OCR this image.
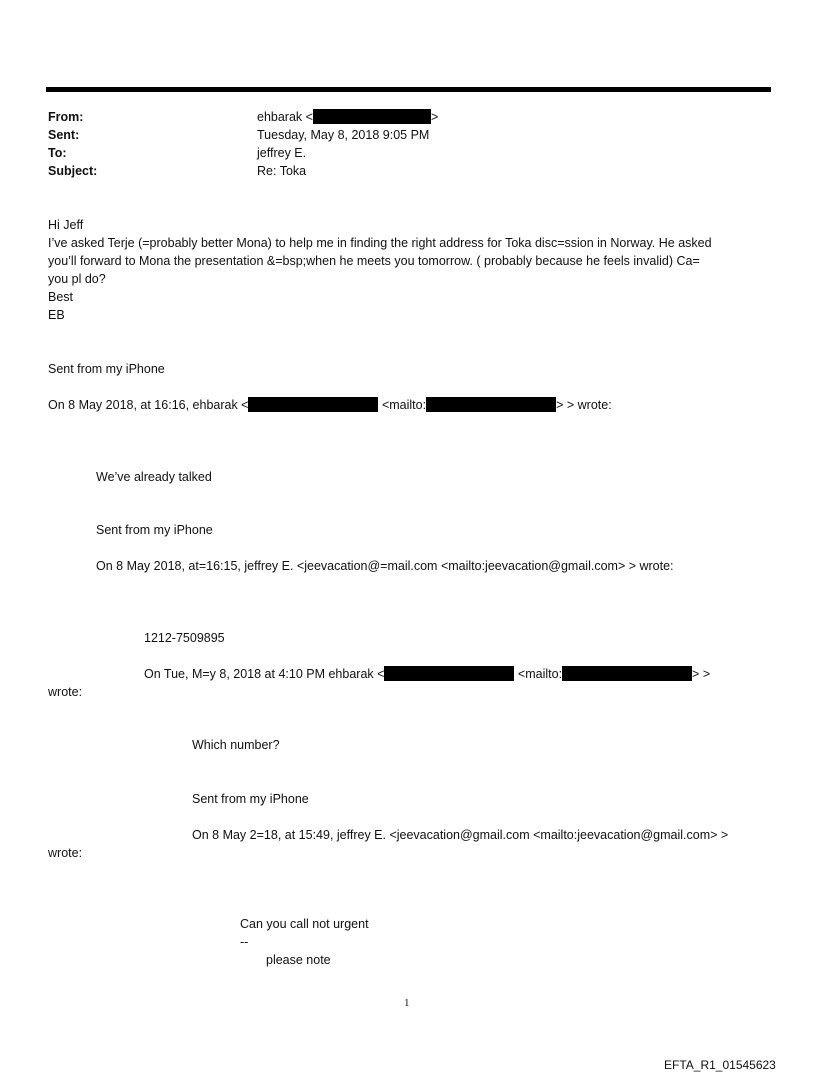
From:	ehbarak <	>
Sent:	Tuesday, May 8, 2018 9:05 PM
To:	jeffrey E.
Subject:	Re: Toka
Hi Jeff
I’ve asked Terje (=probably better Mona) to help me in finding the right address for Toka disc=ssion in Norway. He asked
you’ll forward to Mona the presentation &=bsp;when he meets you tomorrow. ( probably because he feels invalid) Ca=
you pl do?
Best
EB
Sent from my iPhone
On 8 May 2018, at 16:16, ehbarak <	<mailto:	> > wrote:
We’ve already talked
Sent from my iPhone
On 8 May 2018, at=16:15, jeffrey E. <jeevacation@=mail.com <mailto:jeevacation@gmail.com> > wrote:
1212-7509895
On Tue, M=y 8, 2018 at 4:10 PM ehbarak <	<mailto:	> >
wrote:
Which number?
Sent from my iPhone
On 8 May 2=18, at 15:49, jeffrey E. <jeevacation@gmail.com <mailto:jeevacation@gmail.com> >
wrote:
Can you call not urgent
--
please note
1
EFTA_R1_01545623
